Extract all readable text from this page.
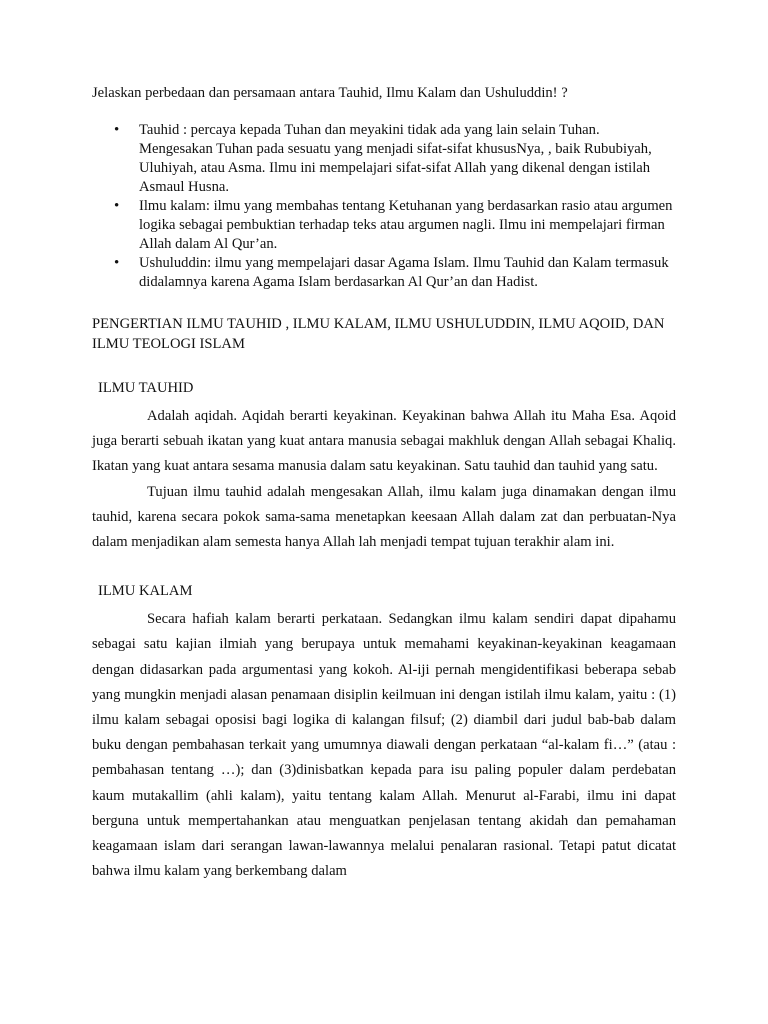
Jelaskan perbedaan dan persamaan antara Tauhid, Ilmu Kalam dan Ushuluddin! ?

• Tauhid : percaya kepada Tuhan dan meyakini tidak ada yang lain selain Tuhan. Mengesakan Tuhan pada sesuatu yang menjadi sifat-sifat khususNya, , baik Rububiyah, Uluhiyah, atau Asma. Ilmu ini mempelajari sifat-sifat Allah yang dikenal dengan istilah Asmaul Husna.
• Ilmu kalam: ilmu yang membahas tentang Ketuhanan yang berdasarkan rasio atau argumen logika sebagai pembuktian terhadap teks atau argumen nagli. Ilmu ini mempelajari firman Allah dalam Al Qur’an.
• Ushuluddin: ilmu yang mempelajari dasar Agama Islam. Ilmu Tauhid dan Kalam termasuk didalamnya karena Agama Islam berdasarkan Al Qur’an dan Hadist.

PENGERTIAN ILMU TAUHID , ILMU KALAM, ILMU USHULUDDIN, ILMU AQOID, DAN ILMU TEOLOGI ISLAM

ILMU TAUHID

Adalah aqidah. Aqidah berarti keyakinan. Keyakinan bahwa Allah itu Maha Esa. Aqoid juga berarti sebuah ikatan yang kuat antara manusia sebagai makhluk dengan Allah sebagai Khaliq. Ikatan yang kuat antara sesama manusia dalam satu keyakinan. Satu tauhid dan tauhid yang satu.

Tujuan ilmu tauhid adalah mengesakan Allah, ilmu kalam juga dinamakan dengan ilmu tauhid, karena secara pokok sama-sama menetapkan keesaan Allah dalam zat dan perbuatan-Nya dalam menjadikan alam semesta hanya Allah lah menjadi tempat tujuan terakhir alam ini.

ILMU KALAM

Secara hafiah kalam berarti perkataan. Sedangkan ilmu kalam sendiri dapat dipahamu sebagai satu kajian ilmiah yang berupaya untuk memahami keyakinan-keyakinan keagamaan dengan didasarkan pada argumentasi yang kokoh. Al-iji pernah mengidentifikasi beberapa sebab yang mungkin menjadi alasan penamaan disiplin keilmuan ini dengan istilah ilmu kalam, yaitu : (1) ilmu kalam sebagai oposisi bagi logika di kalangan filsuf; (2) diambil dari judul bab-bab dalam buku dengan pembahasan terkait yang umumnya diawali dengan perkataan “al-kalam fi…” (atau : pembahasan tentang …); dan (3)dinisbatkan kepada para isu paling populer dalam perdebatan kaum mutakallim (ahli kalam), yaitu tentang kalam Allah. Menurut al-Farabi, ilmu ini dapat berguna untuk mempertahankan atau menguatkan penjelasan tentang akidah dan pemahaman keagamaan islam dari serangan lawan-lawannya melalui penalaran rasional. Tetapi patut dicatat bahwa ilmu kalam yang berkembang dalam
